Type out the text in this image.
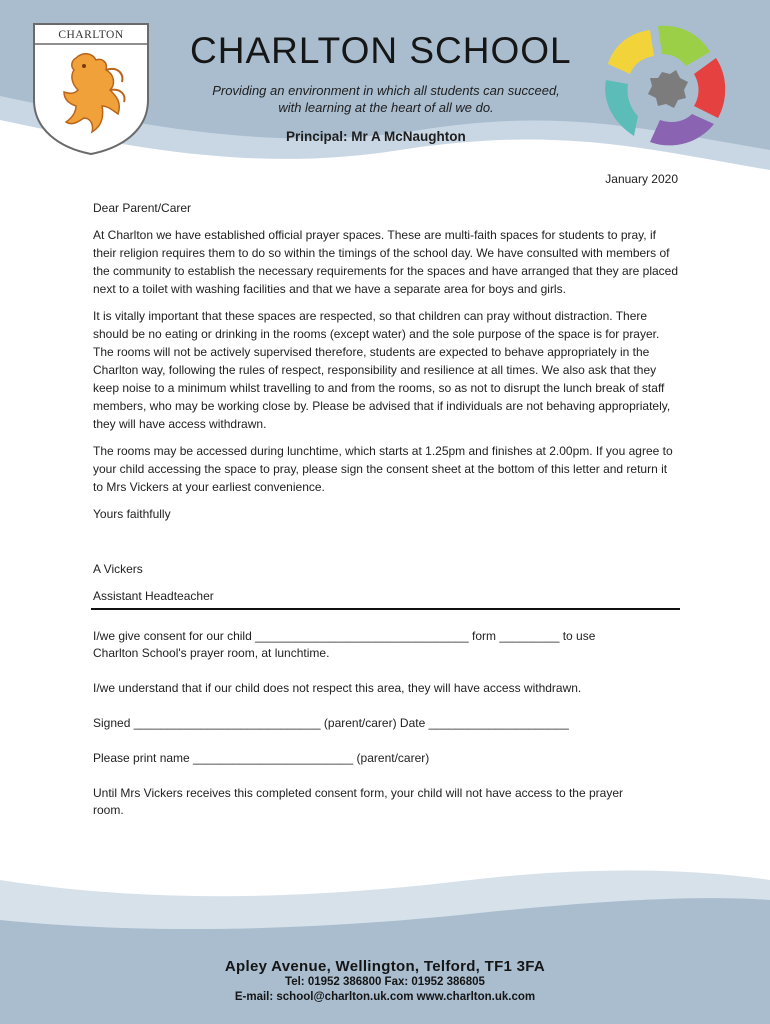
CHARLTON CHARLTON SCHOOL
Providing an environment in which all students can succeed,
with learning at the heart of all we do.
Principal: Mr A McNaughton
January 2020

Dear Parent/Carer

At Charlton we have established official prayer spaces. These are multi-faith spaces for students to pray, if their religion requires them to do so within the timings of the school day. We have consulted with members of the community to establish the necessary requirements for the spaces and have arranged that they are placed next to a toilet with washing facilities and that we have a separate area for boys and girls.

It is vitally important that these spaces are respected, so that children can pray without distraction. There should be no eating or drinking in the rooms (except water) and the sole purpose of the space is for prayer. The rooms will not be actively supervised therefore, students are expected to behave appropriately in the Charlton way, following the rules of respect, responsibility and resilience at all times. We also ask that they keep noise to a minimum whilst travelling to and from the rooms, so as not to disrupt the lunch break of staff members, who may be working close by. Please be advised that if individuals are not behaving appropriately, they will have access withdrawn.

The rooms may be accessed during lunchtime, which starts at 1.25pm and finishes at 2.00pm. If you agree to your child accessing the space to pray, please sign the consent sheet at the bottom of this letter and return it to Mrs Vickers at your earliest convenience.

Yours faithfully

A Vickers

Assistant Headteacher

I/we give consent for our child ________________________________ form _________ to use

Charlton School's prayer room, at lunchtime.

I/we understand that if our child does not respect this area, they will have access withdrawn.

Signed ____________________________ (parent/carer) Date _____________________

Please print name ________________________ (parent/carer)

Until Mrs Vickers receives this completed consent form, your child will not have access to the prayer

room.

Apley Avenue, Wellington, Telford, TF1 3FA
Tel: 01952 386800 Fax: 01952 386805
E-mail: school@charlton.uk.com www.charlton.uk.com
